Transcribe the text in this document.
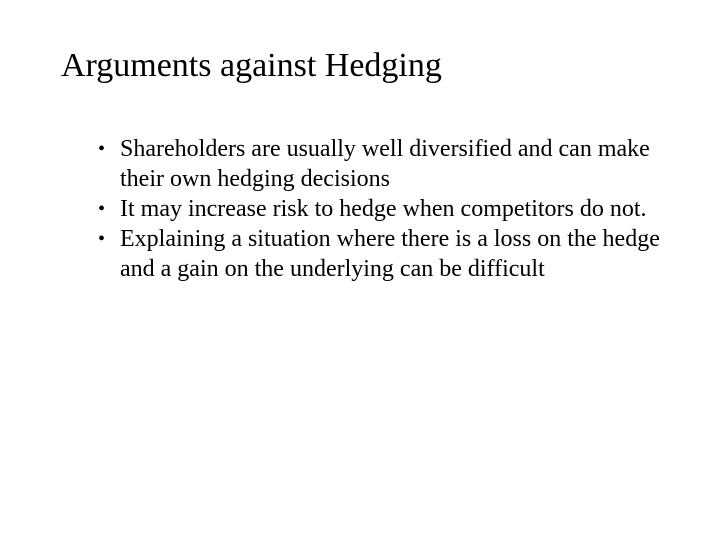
Arguments against Hedging
• Shareholders are usually well diversified and can make their own hedging decisions
• It may increase risk to hedge when competitors do not.
• Explaining a situation where there is a loss on the hedge and a gain on the underlying can be difficult
